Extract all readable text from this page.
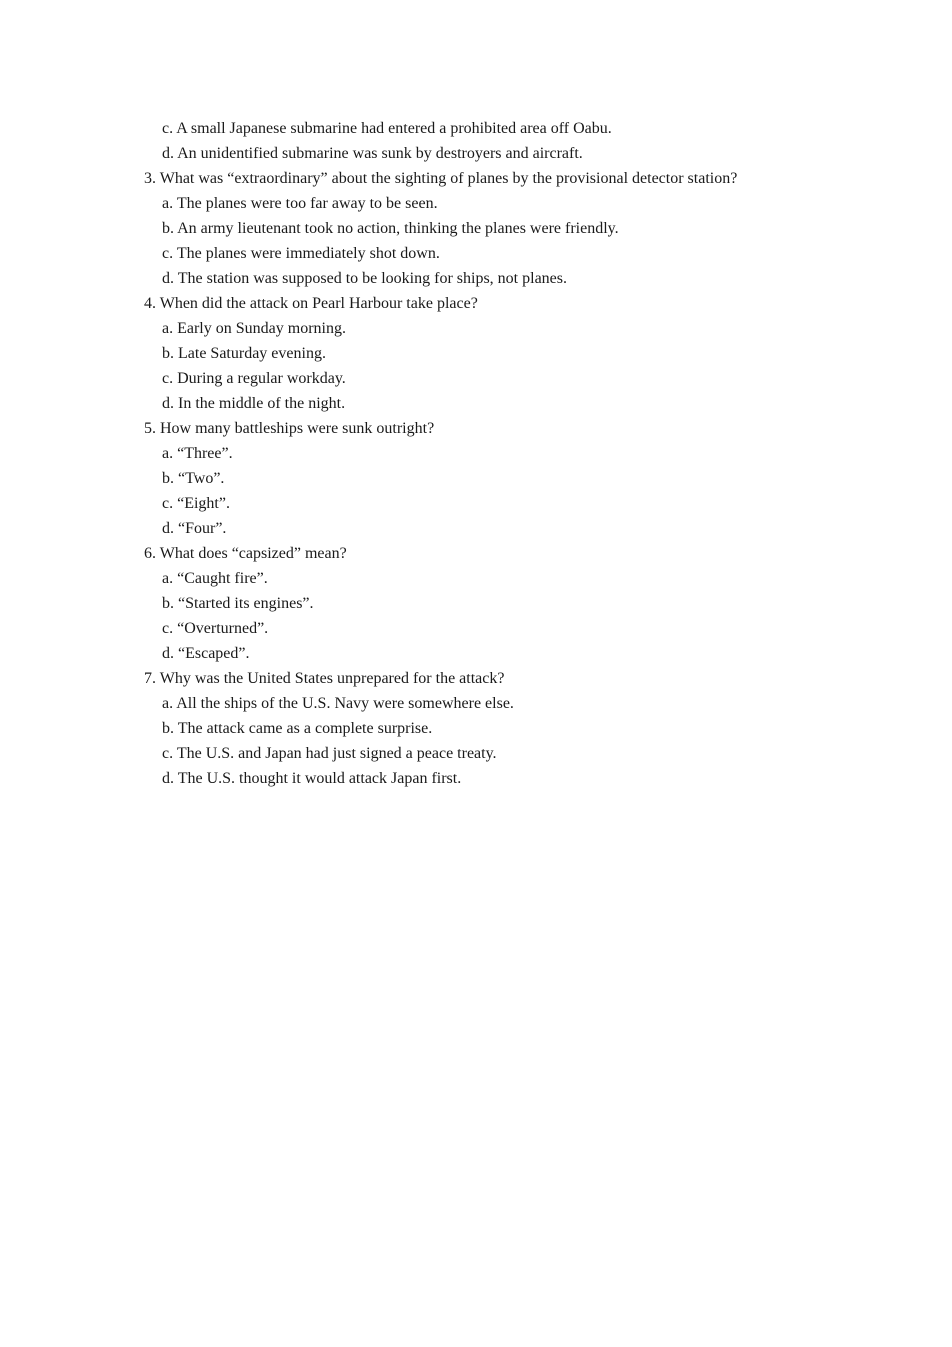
c. A small Japanese submarine had entered a prohibited area off Oabu.
d. An unidentified submarine was sunk by destroyers and aircraft.
3. What was “extraordinary” about the sighting of planes by the provisional detector station?
a. The planes were too far away to be seen.
b. An army lieutenant took no action, thinking the planes were friendly.
c. The planes were immediately shot down.
d. The station was supposed to be looking for ships, not planes.
4. When did the attack on Pearl Harbour take place?
a. Early on Sunday morning.
b. Late Saturday evening.
c. During a regular workday.
d. In the middle of the night.
5. How many battleships were sunk outright?
a. “Three”.
b. “Two”.
c. “Eight”.
d. “Four”.
6. What does “capsized” mean?
a. “Caught fire”.
b. “Started its engines”.
c. “Overturned”.
d. “Escaped”.
7. Why was the United States unprepared for the attack?
a. All the ships of the U.S. Navy were somewhere else.
b. The attack came as a complete surprise.
c. The U.S. and Japan had just signed a peace treaty.
d. The U.S. thought it would attack Japan first.
